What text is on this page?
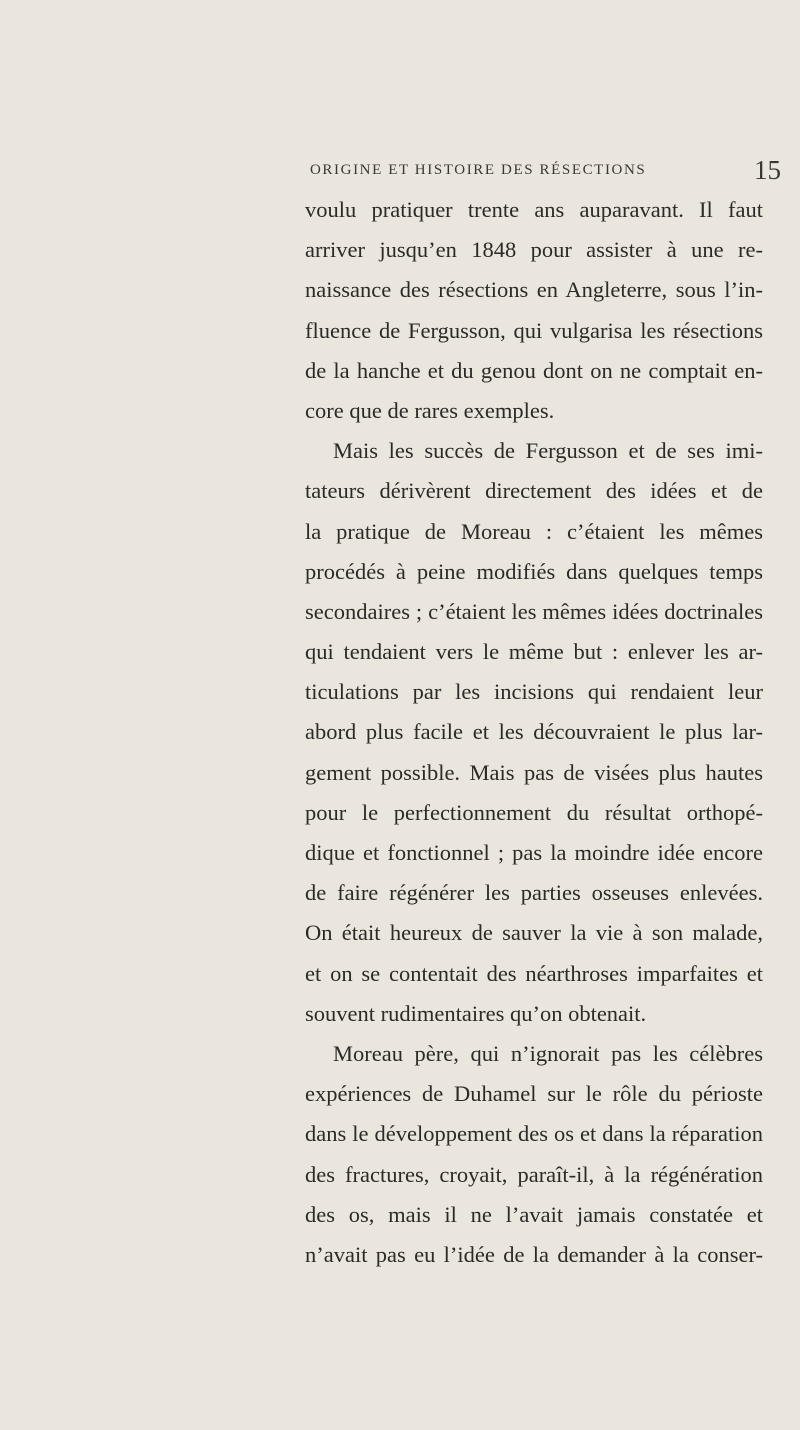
ORIGINE ET HISTOIRE DES RÉSECTIONS	15
voulu pratiquer trente ans auparavant. Il faut
arriver jusqu’en 1848 pour assister à une re-
naissance des résections en Angleterre, sous l’in-
fluence de Fergusson, qui vulgarisa les résections
de la hanche et du genou dont on ne comptait en-
core que de rares exemples.
Mais les succès de Fergusson et de ses imi-
tateurs dérivèrent directement des idées et de
la pratique de Moreau : c’étaient les mêmes
procédés à peine modifiés dans quelques temps
secondaires ; c’étaient les mêmes idées doctrinales
qui tendaient vers le même but : enlever les ar-
ticulations par les incisions qui rendaient leur
abord plus facile et les découvraient le plus lar-
gement possible. Mais pas de visées plus hautes
pour le perfectionnement du résultat orthopé-
dique et fonctionnel ; pas la moindre idée encore
de faire régénérer les parties osseuses enlevées.
On était heureux de sauver la vie à son malade,
et on se contentait des néarthroses imparfaites et
souvent rudimentaires qu’on obtenait.
Moreau père, qui n’ignorait pas les célèbres
expériences de Duhamel sur le rôle du périoste
dans le développement des os et dans la réparation
des fractures, croyait, paraît-il, à la régénération
des os, mais il ne l’avait jamais constatée et
n’avait pas eu l’idée de la demander à la conser-
